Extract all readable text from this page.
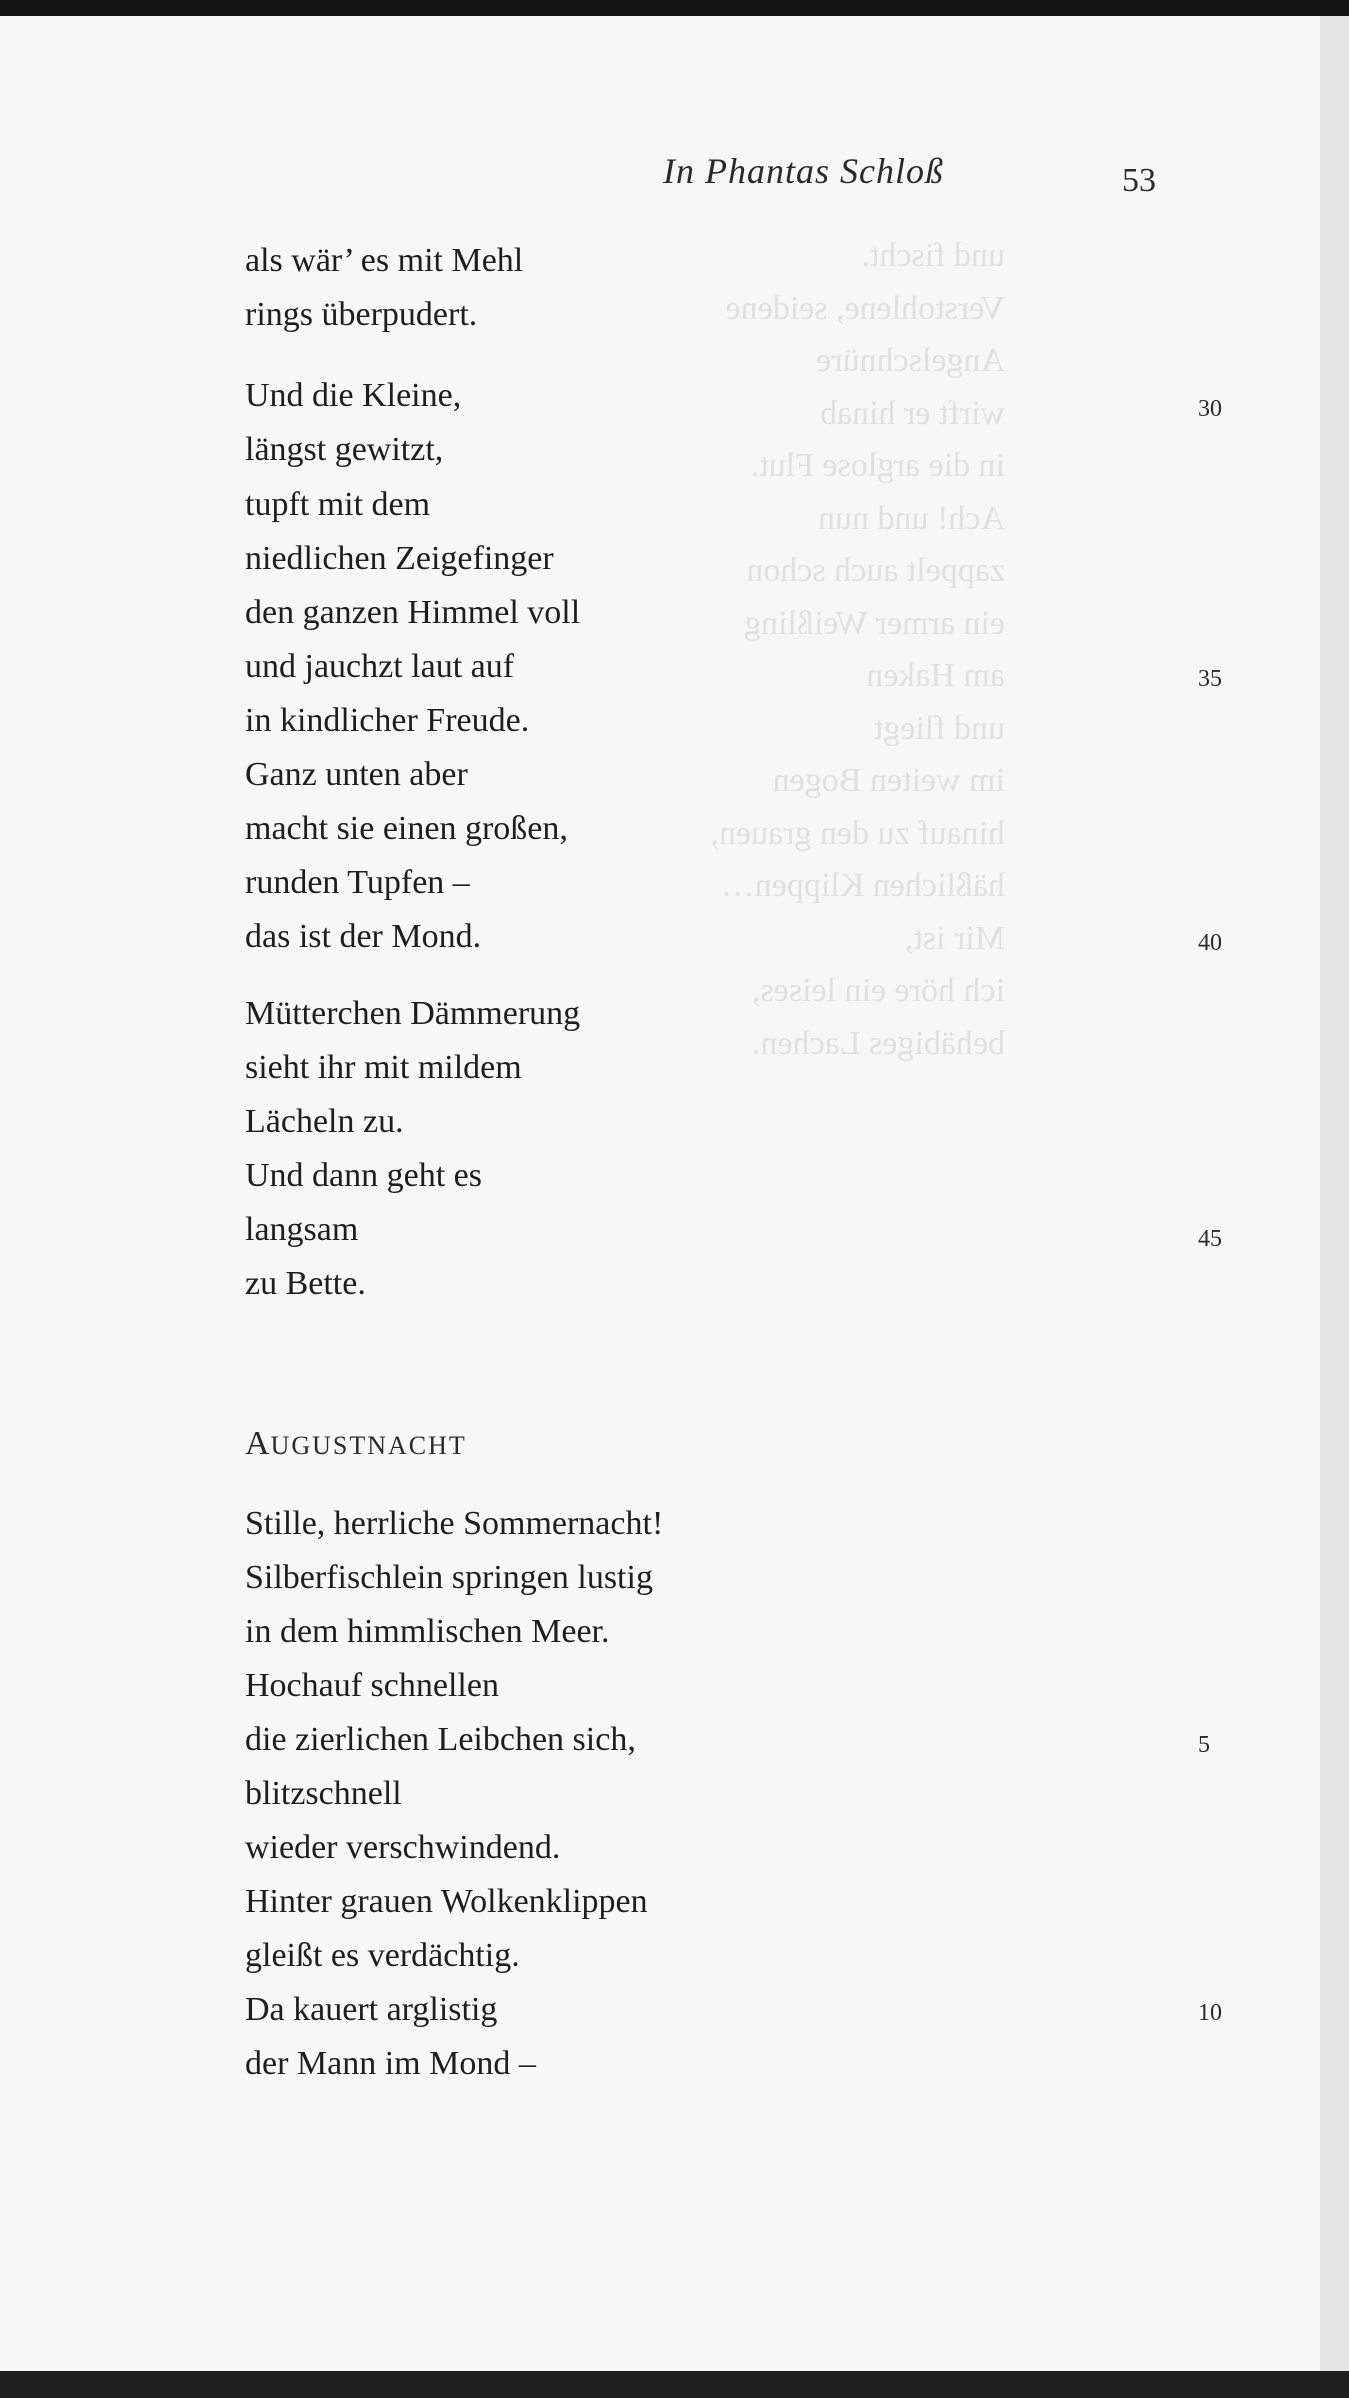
und fischt.
Verstohlene, seidene
Angelschnüre
wirft er hinab
in die arglose Flut.
Ach! und nun
zappelt auch schon
ein armer Weißling
am Haken
und fliegt
im weiten Bogen
hinauf zu den grauen,
häßlichen Klippen…
Mir ist,
ich höre ein leises,
behäbiges Lachen.
In Phantas Schloß	53
als wär’ es mit Mehl
rings überpudert.
Und die Kleine,
längst gewitzt,
tupft mit dem
niedlichen Zeigefinger
den ganzen Himmel voll
und jauchzt laut auf
in kindlicher Freude.
Ganz unten aber
macht sie einen großen,
runden Tupfen –
das ist der Mond.
Mütterchen Dämmerung
sieht ihr mit mildem
Lächeln zu.
Und dann geht es
langsam
zu Bette.
Stille, herrliche Sommernacht!
Silberfischlein springen lustig
in dem himmlischen Meer.
Hochauf schnellen
die zierlichen Leibchen sich,
blitzschnell
wieder verschwindend.
Hinter grauen Wolkenklippen
gleißt es verdächtig.
Da kauert arglistig
der Mann im Mond –
AUGUSTNACHT
30
35
40
45
5
10
